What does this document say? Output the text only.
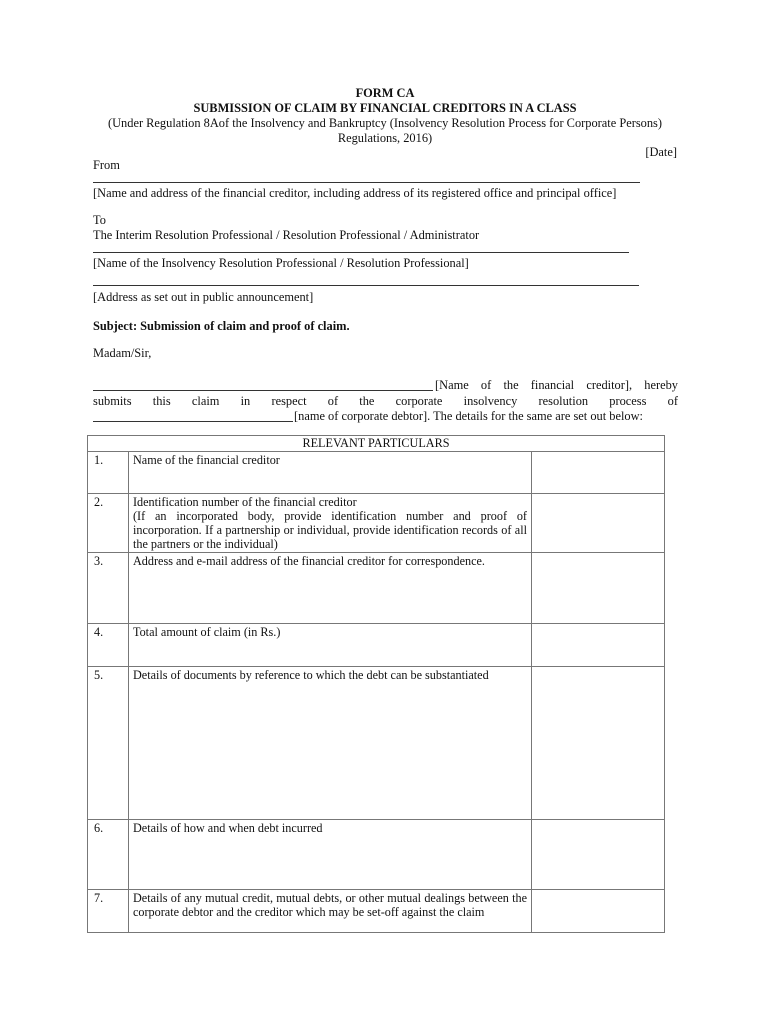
FORM CA
SUBMISSION OF CLAIM BY FINANCIAL CREDITORS IN A CLASS
(Under Regulation 8Aof the Insolvency and Bankruptcy (Insolvency Resolution Process for Corporate Persons)
Regulations, 2016)
[Date]
From
[Name and address of the financial creditor, including address of its registered office and principal office]
To
The Interim Resolution Professional / Resolution Professional / Administrator
[Name of the Insolvency Resolution Professional / Resolution Professional]
[Address as set out in public announcement]
Subject: Submission of claim and proof of claim.
Madam/Sir,
[Name of the financial creditor], hereby
submits this claim in respect of the corporate insolvency resolution process of
[name of corporate debtor]. The details for the same are set out below:
RELEVANT PARTICULARS		
1.	Name of the financial creditor	
2.	Identification number of the financial creditor
(If an incorporated body, provide identification number and proof of incorporation. If a partnership or individual, provide identification records of all the partners or the individual)	

3.	Address and e-mail address of the financial creditor for correspondence.	
4.	Total amount of claim (in Rs.)	
5.	Details of documents by reference to which the debt can be substantiated	
6.	Details of how and when debt incurred	
7.	Details of any mutual credit, mutual debts, or other mutual dealings between the corporate debtor and the creditor which may be set-off against the claim	
